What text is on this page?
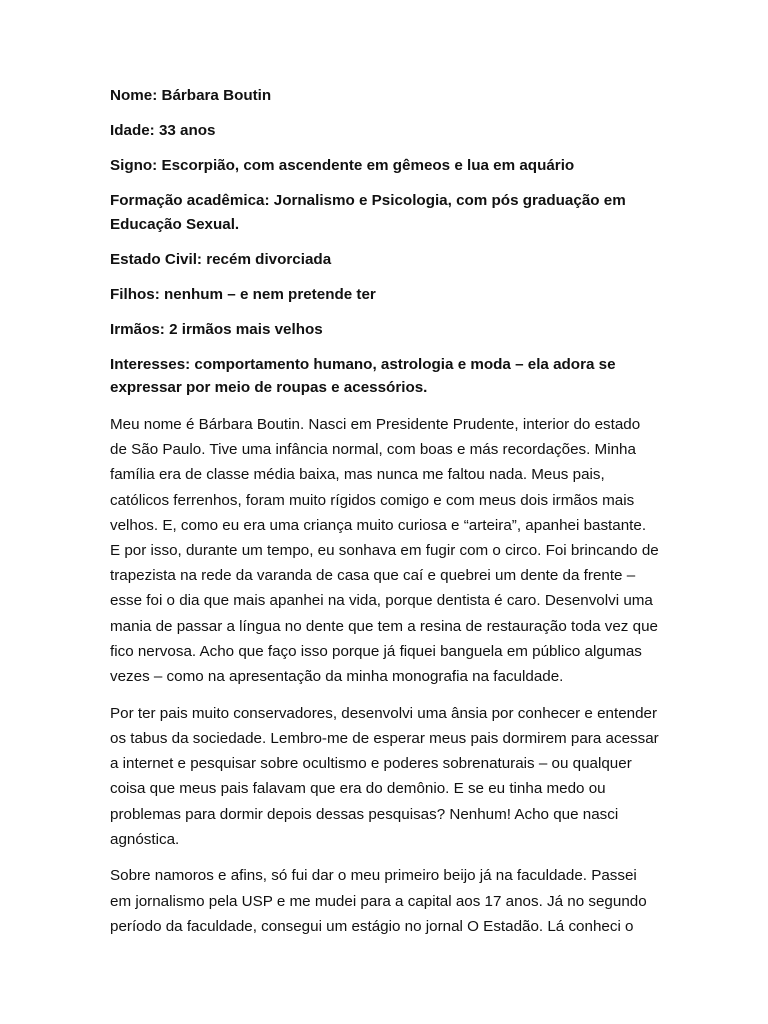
Nome: Bárbara Boutin

Idade: 33 anos

Signo: Escorpião, com ascendente em gêmeos e lua em aquário

Formação acadêmica: Jornalismo e Psicologia, com pós graduação em Educação Sexual.

Estado Civil: recém divorciada

Filhos: nenhum – e nem pretende ter

Irmãos: 2 irmãos mais velhos

Interesses: comportamento humano, astrologia e moda – ela adora se expressar por meio de roupas e acessórios.

Meu nome é Bárbara Boutin. Nasci em Presidente Prudente, interior do estado de São Paulo. Tive uma infância normal, com boas e más recordações. Minha família era de classe média baixa, mas nunca me faltou nada. Meus pais, católicos ferrenhos, foram muito rígidos comigo e com meus dois irmãos mais velhos. E, como eu era uma criança muito curiosa e “arteira”, apanhei bastante. E por isso, durante um tempo, eu sonhava em fugir com o circo. Foi brincando de trapezista na rede da varanda de casa que caí e quebrei um dente da frente – esse foi o dia que mais apanhei na vida, porque dentista é caro. Desenvolvi uma mania de passar a língua no dente que tem a resina de restauração toda vez que fico nervosa. Acho que faço isso porque já fiquei banguela em público algumas vezes – como na apresentação da minha monografia na faculdade.

Por ter pais muito conservadores, desenvolvi uma ânsia por conhecer e entender os tabus da sociedade. Lembro-me de esperar meus pais dormirem para acessar a internet e pesquisar sobre ocultismo e poderes sobrenaturais – ou qualquer coisa que meus pais falavam que era do demônio. E se eu tinha medo ou problemas para dormir depois dessas pesquisas? Nenhum! Acho que nasci agnóstica.

Sobre namoros e afins, só fui dar o meu primeiro beijo já na faculdade. Passei em jornalismo pela USP e me mudei para a capital aos 17 anos. Já no segundo período da faculdade, consegui um estágio no jornal O Estadão. Lá conheci o
